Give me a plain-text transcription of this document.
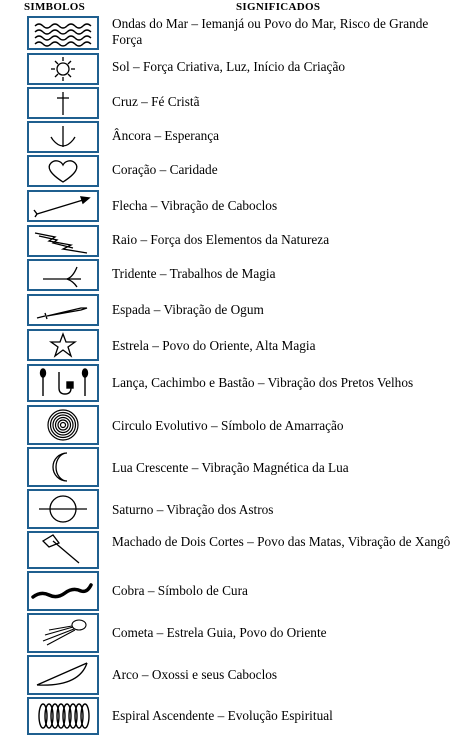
SIMBOLOS	SIGNIFICADOS
Ondas do Mar – Iemanjá ou Povo do Mar, Risco de Grande Força
Sol – Força Criativa, Luz, Início da Criação
Cruz – Fé Cristã
Âncora – Esperança
Coração – Caridade
Flecha – Vibração de Caboclos
Raio – Força dos Elementos da Natureza
Tridente – Trabalhos de Magia
Espada – Vibração de Ogum
Estrela – Povo do Oriente, Alta Magia
Lança, Cachimbo e Bastão – Vibração dos Pretos Velhos
Circulo Evolutivo – Símbolo de Amarração
Lua Crescente – Vibração Magnética da Lua
Saturno – Vibração dos Astros
Machado de Dois Cortes – Povo das Matas, Vibração de Xangô
Cobra – Símbolo de Cura
Cometa – Estrela Guia, Povo do Oriente
Arco – Oxossi e seus Caboclos
Espiral Ascendente – Evolução Espiritual
